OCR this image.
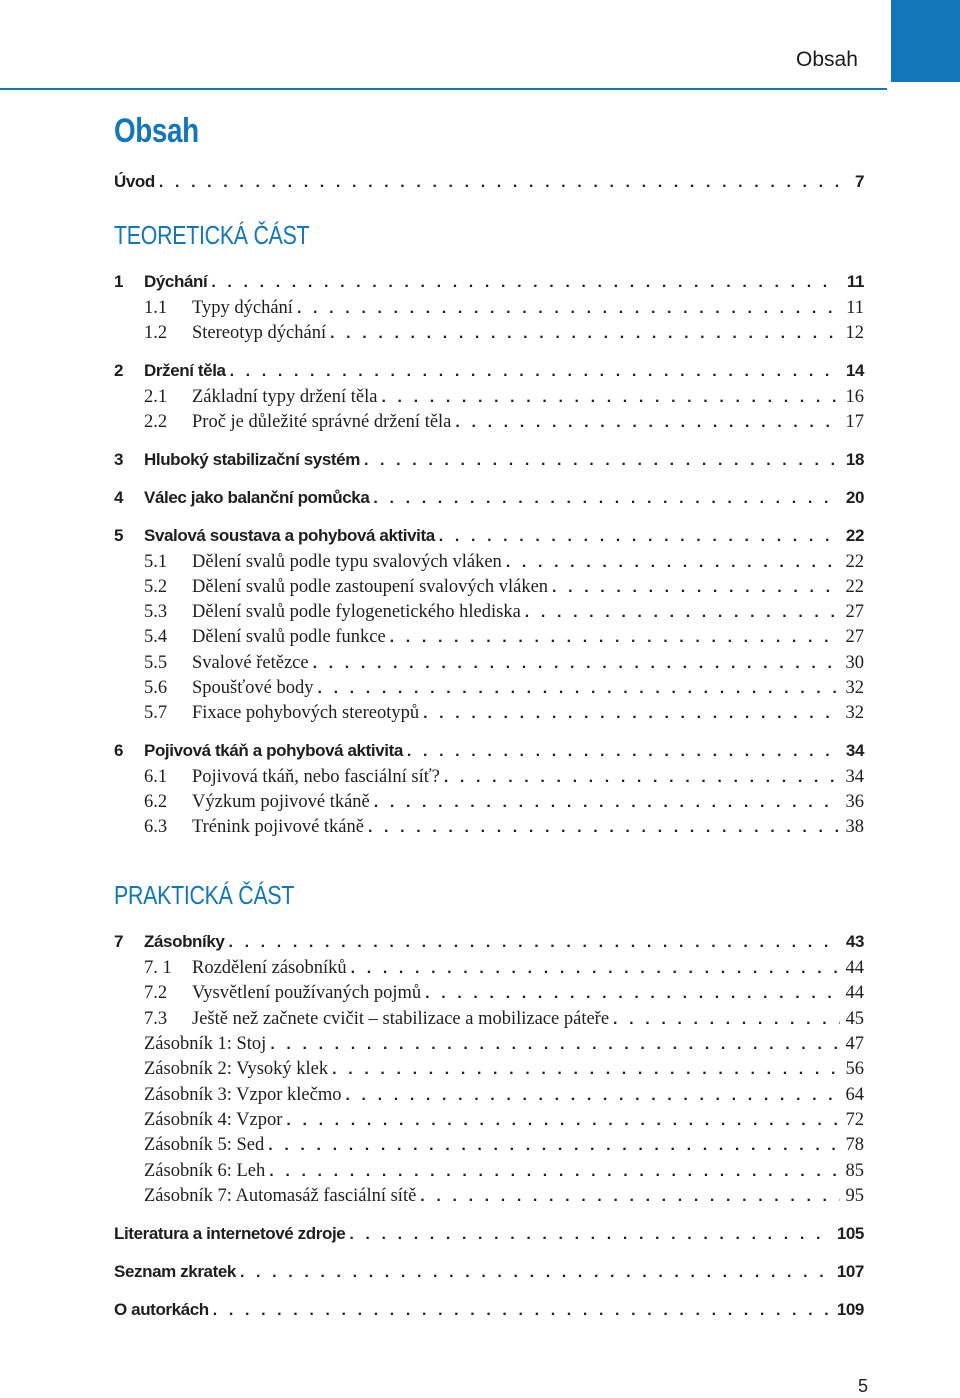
Obsah
Obsah
TEORETICKÁ ČÁST
PRAKTICKÁ ČÁST
Úvod . . .	7
1	Dýchání . . .	11
1.1	Typy dýchání . . .	11
1.2	Stereotyp dýchání . . .	12
2	Držení těla . . .	14
2.1	Základní typy držení těla . . .	16
2.2	Proč je důležité správné držení těla . . .	17
3	Hluboký stabilizační systém . . .	18
4	Válec jako balanční pomůcka . . .	20
5	Svalová soustava a pohybová aktivita . . .	22
5.1	Dělení svalů podle typu svalových vláken . . .	22
5.2	Dělení svalů podle zastoupení svalových vláken . . .	22
5.3	Dělení svalů podle fylogenetického hlediska . . .	27
5.4	Dělení svalů podle funkce . . .	27
5.5	Svalové řetězce . . .	30
5.6	Spoušťové body . . .	32
5.7	Fixace pohybových stereotypů . . .	32
6	Pojivová tkáň a pohybová aktivita . . .	34
6.1	Pojivová tkáň, nebo fasciální síť? . . .	34
6.2	Výzkum pojivové tkáně . . .	36
6.3	Trénink pojivové tkáně . . .	38
7	Zásobníky . . .	43
7. 1	Rozdělení zásobníků . . .	44
7.2	Vysvětlení používaných pojmů . . .	44
7.3	Ještě než začnete cvičit – stabilizace a mobilizace páteře . . .	45
Zásobník 1: Stoj . . .	47
Zásobník 2: Vysoký klek . . .	56
Zásobník 3: Vzpor klečmo . . .	64
Zásobník 4: Vzpor . . .	72
Zásobník 5: Sed . . .	78
Zásobník 6: Leh . . .	85
Zásobník 7: Automasáž fasciální sítě . . .	95
Literatura a internetové zdroje . . .	105
Seznam zkratek . . .	107
O autorkách . . .	109
5
